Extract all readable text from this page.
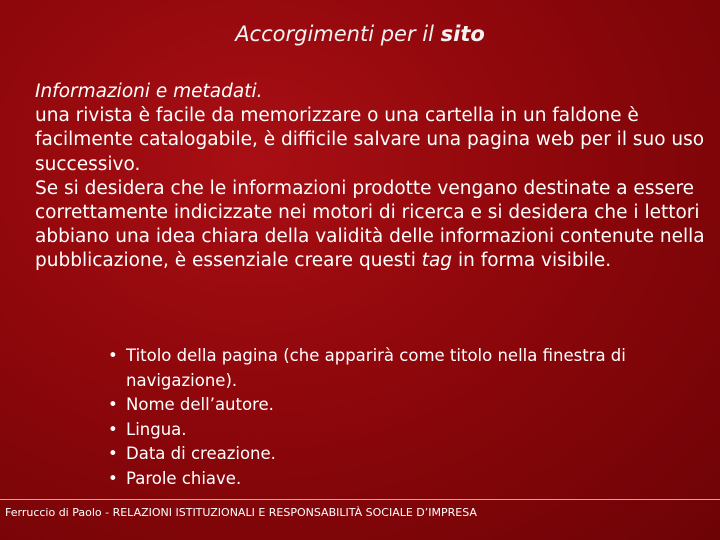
Accorgimenti per il sito
Informazioni e metadati.
una rivista è facile da memorizzare o una cartella in un faldone è facilmente catalogabile, è difficile salvare una pagina web per il suo uso successivo.
Se si desidera che le informazioni prodotte vengano destinate a essere correttamente indicizzate nei motori di ricerca e si desidera che i lettori abbiano una idea chiara della validità delle informazioni contenute nella pubblicazione, è essenziale creare questi tag in forma visibile.
• Titolo della pagina (che apparirà come titolo nella finestra di navigazione).
• Nome dell’autore.
• Lingua.
• Data di creazione.
• Parole chiave.
Ferruccio di Paolo - RELAZIONI ISTITUZIONALI E RESPONSABILITÀ SOCIALE D’IMPRESA
